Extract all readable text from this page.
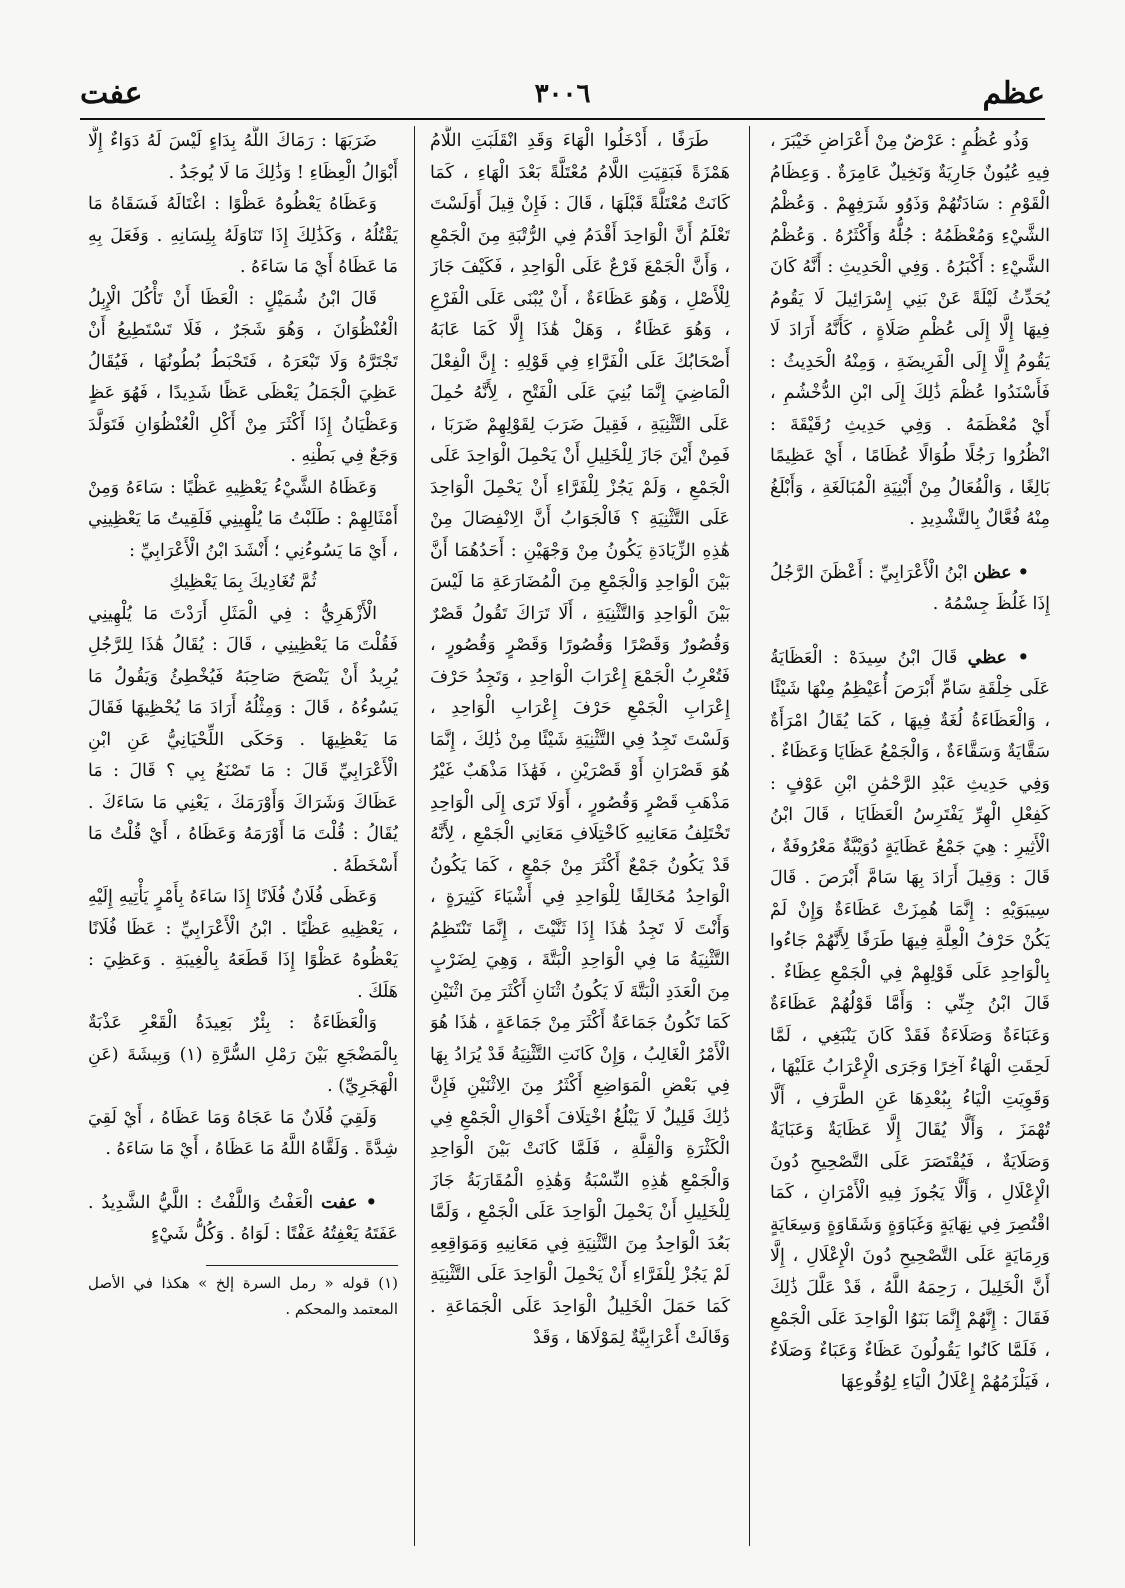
عظم
٣٠٠٦
عفت

وَذُو عُظُمٍ : عَرْضٌ مِنْ أَعْرَاضِ خَيْبَرَ ، فِيهِ عُيُونٌ جَارِيَةٌ وَنَخِيلٌ عَامِرَةٌ . وَعِظَامُ الْقَوْمِ : سَادَتُهُمْ وَذَوُو شَرَفِهِمْ . وَعُظْمُ الشَّيْءِ وَمُعْظَمُهُ : جُلُّهُ وَأَكْثَرُهُ . وَعُظْمُ الشَّيْءِ : أَكْبَرُهُ . وَفِي الْحَدِيثِ : أَنَّهُ كَانَ يُحَدِّثُ لَيْلَةً عَنْ بَنِي إِسْرَائِيلَ لَا يَقُومُ فِيهَا إِلَّا إِلَى عُظْمِ صَلَاةٍ ، كَأَنَّهُ أَرَادَ لَا يَقُومُ إِلَّا إِلَى الْفَرِيضَةِ ، وَمِنْهُ الْحَدِيثُ : فَأَسْنَدُوا عُظْمَ ذَٰلِكَ إِلَى ابْنِ الدُّخْشُمِ ، أَيْ مُعْظَمَهُ . وَفِي حَدِيثِ رُقَيْقَةَ : انْظُرُوا رَجُلًا طُوَالًا عُظَامًا ، أَيْ عَظِيمًا بَالِغًا ، وَالْفُعَالُ مِنْ أَبْنِيَةِ الْمُبَالَغَةِ ، وَأَبْلَغُ مِنْهُ فُعَّالٌ بِالتَّشْدِيدِ .

• عظن ابْنُ الْأَعْرَابِيِّ : أَعْظَنَ الرَّجُلُ إِذَا غَلُظَ جِسْمُهُ .

• عظي قَالَ ابْنُ سِيدَهْ : الْعَظَايَةُ عَلَى خِلْقَةِ سَامِّ أَبْرَصَ أُعَيْظِمُ مِنْهَا شَيْئًا ، وَالْعَظَاءَةُ لُغَةٌ فِيهَا ، كَمَا يُقَالُ امْرَأَةٌ سَقَّايَةٌ وَسَقَّاءَةٌ ، وَالْجَمْعُ عَظَايَا وَعَظَاءٌ . وَفِي حَدِيثِ عَبْدِ الرَّحْمَٰنِ ابْنِ عَوْفٍ : كَفِعْلِ الْهِرِّ يَفْتَرِسُ الْعَظَايَا ، قَالَ ابْنُ الْأَثِيرِ : هِيَ جَمْعُ عَظَايَةٍ دُوَيْبَّةٌ مَعْرُوفَةٌ ، قَالَ : وَقِيلَ أَرَادَ بِهَا سَامَّ أَبْرَصَ . قَالَ سِيبَوَيْهِ : إِنَّمَا هُمِزَتْ عَظَاءَةٌ وَإِنْ لَمْ يَكُنْ حَرْفُ الْعِلَّةِ فِيهَا طَرَفًا لِأَنَّهُمْ جَاءُوا بِالْوَاحِدِ عَلَى قَوْلِهِمْ فِي الْجَمْعِ عِظَاءٌ . قَالَ ابْنُ جِنِّي : وَأَمَّا قَوْلُهُمْ عَظَاءَةٌ وَعَبَاءَةٌ وَصَلَاءَةٌ فَقَدْ كَانَ يَنْبَغِي ، لَمَّا لَحِقَتِ الْهَاءُ آخِرًا وَجَرَى الْإِعْرَابُ عَلَيْهَا ، وَقَوِيَتِ الْيَاءُ بِبُعْدِهَا عَنِ الطَّرَفِ ، أَلَّا تُهْمَزَ ، وَأَلَّا يُقَالَ إِلَّا عَظَايَةٌ وَعَبَايَةٌ وَصَلَايَةٌ ، فَيُقْتَصَرَ عَلَى التَّصْحِيحِ دُونَ الْإِعْلَالِ ، وَأَلَّا يَجُوزَ فِيهِ الْأَمْرَانِ ، كَمَا اقْتُصِرَ فِي نِهَايَةٍ وَغَبَاوَةٍ وَشَقَاوَةٍ وَسِعَايَةٍ وَرِمَايَةٍ عَلَى التَّصْحِيحِ دُونَ الْإِعْلَالِ ، إِلَّا أَنَّ الْخَلِيلَ ، رَحِمَهُ اللَّهُ ، قَدْ عَلَّلَ ذَٰلِكَ فَقَالَ : إِنَّهُمْ إِنَّمَا بَنَوُا الْوَاحِدَ عَلَى الْجَمْعِ ، فَلَمَّا كَانُوا يَقُولُونَ عَظَاءٌ وَعَبَاءٌ وَصَلَاءٌ ، فَيَلْزَمُهُمْ إِعْلَالُ الْيَاءِ لِوُقُوعِهَا

طَرَفًا ، أَدْخَلُوا الْهَاءَ وَقَدِ انْقَلَبَتِ اللَّامُ هَمْزَةً فَبَقِيَتِ اللَّامُ مُعْتَلَّةً بَعْدَ الْهَاءِ ، كَمَا كَانَتْ مُعْتَلَّةً قَبْلَهَا ، قَالَ : فَإِنْ قِيلَ أَوَلَسْتَ تَعْلَمُ أَنَّ الْوَاحِدَ أَقْدَمُ فِي الرُّتْبَةِ مِنَ الْجَمْعِ ، وَأَنَّ الْجَمْعَ فَرْعٌ عَلَى الْوَاحِدِ ، فَكَيْفَ جَازَ لِلْأَصْلِ ، وَهُوَ عَظَاءَةٌ ، أَنْ يُبْنَى عَلَى الْفَرْعِ ، وَهُوَ عَظَاءٌ ، وَهَلْ هَٰذَا إِلَّا كَمَا عَابَهُ أَصْحَابُكَ عَلَى الْفَرَّاءِ فِي قَوْلِهِ : إِنَّ الْفِعْلَ الْمَاضِيَ إِنَّمَا بُنِيَ عَلَى الْفَتْحِ ، لِأَنَّهُ حُمِلَ عَلَى التَّثْنِيَةِ ، فَقِيلَ ضَرَبَ لِقَوْلِهِمْ ضَرَبَا ، فَمِنْ أَيْنَ جَازَ لِلْخَلِيلِ أَنْ يَحْمِلَ الْوَاحِدَ عَلَى الْجَمْعِ ، وَلَمْ يَجُزْ لِلْفَرَّاءِ أَنْ يَحْمِلَ الْوَاحِدَ عَلَى التَّثْنِيَةِ ؟ فَالْجَوَابُ أَنَّ الِانْفِصَالَ مِنْ هَٰذِهِ الزِّيَادَةِ يَكُونُ مِنْ وَجْهَيْنِ : أَحَدُهُمَا أَنَّ بَيْنَ الْوَاحِدِ وَالْجَمْعِ مِنَ الْمُضَارَعَةِ مَا لَيْسَ بَيْنَ الْوَاحِدِ وَالتَّثْنِيَةِ ، أَلَا تَرَاكَ تَقُولُ قَصْرٌ وَقُصُورٌ وَقَصْرًا وَقُصُورًا وَقَصْرٍ وَقُصُورٍ ، فَتُعْرِبُ الْجَمْعَ إِعْرَابَ الْوَاحِدِ ، وَتَجِدُ حَرْفَ إِعْرَابِ الْجَمْعِ حَرْفَ إِعْرَابِ الْوَاحِدِ ، وَلَسْتَ تَجِدُ فِي التَّثْنِيَةِ شَيْئًا مِنْ ذَٰلِكَ ، إِنَّمَا هُوَ قَصْرَانِ أَوْ قَصْرَيْنِ ، فَهَٰذَا مَذْهَبٌ غَيْرُ مَذْهَبِ قَصْرٍ وَقُصُورٍ ، أَوَلَا تَرَى إِلَى الْوَاحِدِ تَخْتَلِفُ مَعَانِيهِ كَاخْتِلَافِ مَعَانِي الْجَمْعِ ، لِأَنَّهُ قَدْ يَكُونُ جَمْعٌ أَكْثَرَ مِنْ جَمْعٍ ، كَمَا يَكُونُ الْوَاحِدُ مُخَالِفًا لِلْوَاحِدِ فِي أَشْيَاءَ كَثِيرَةٍ ، وَأَنْتَ لَا تَجِدُ هَٰذَا إِذَا ثَنَّيْتَ ، إِنَّمَا تَنْتَظِمُ التَّثْنِيَةُ مَا فِي الْوَاحِدِ الْبَتَّةَ ، وَهِيَ لِضَرْبٍ مِنَ الْعَدَدِ الْبَتَّةَ لَا يَكُونُ اثْنَانِ أَكْثَرَ مِنَ اثْنَيْنِ كَمَا تَكُونُ جَمَاعَةٌ أَكْثَرَ مِنْ جَمَاعَةٍ ، هَٰذَا هُوَ الْأَمْرُ الْغَالِبُ ، وَإِنْ كَانَتِ التَّثْنِيَةُ قَدْ يُرَادُ بِهَا فِي بَعْضِ الْمَوَاضِعِ أَكْثَرُ مِنَ الِاثْنَيْنِ فَإِنَّ ذَٰلِكَ قَلِيلٌ لَا يَبْلُغُ اخْتِلَافَ أَحْوَالِ الْجَمْعِ فِي الْكَثْرَةِ وَالْقِلَّةِ ، فَلَمَّا كَانَتْ بَيْنَ الْوَاحِدِ وَالْجَمْعِ هَٰذِهِ النِّسْبَةُ وَهَٰذِهِ الْمُقَارَبَةُ جَازَ لِلْخَلِيلِ أَنْ يَحْمِلَ الْوَاحِدَ عَلَى الْجَمْعِ ، وَلَمَّا بَعُدَ الْوَاحِدُ مِنَ التَّثْنِيَةِ فِي مَعَانِيهِ وَمَوَاقِعِهِ لَمْ يَجُزْ لِلْفَرَّاءِ أَنْ يَحْمِلَ الْوَاحِدَ عَلَى التَّثْنِيَةِ كَمَا حَمَلَ الْخَلِيلُ الْوَاحِدَ عَلَى الْجَمَاعَةِ . وَقَالَتْ أَعْرَابِيَّةٌ لِمَوْلَاهَا ، وَقَدْ

ضَرَبَهَا : رَمَاكَ اللَّهُ بِدَاءٍ لَيْسَ لَهُ دَوَاءٌ إِلَّا أَبْوَالُ الْعِظَاءِ ! وَذَٰلِكَ مَا لَا يُوجَدُ .

وَعَظَاهُ يَعْظُوهُ عَظْوًا : اغْتَالَهُ فَسَقَاهُ مَا يَقْتُلُهُ ، وَكَذَٰلِكَ إِذَا تَنَاوَلَهُ بِلِسَانِهِ . وَفَعَلَ بِهِ مَا عَظَاهُ أَيْ مَا سَاءَهُ .

قَالَ ابْنُ شُمَيْلٍ : الْعَظَا أَنْ تَأْكُلَ الْإِبِلُ الْعُنْظُوَانَ ، وَهُوَ شَجَرٌ ، فَلَا تَسْتَطِيعُ أَنْ تَجْتَرَّهُ وَلَا تَبْعَرَهُ ، فَتَحْبَطُ بُطُونُهَا ، فَيُقَالُ عَظِيَ الْجَمَلُ يَعْظَى عَظًا شَدِيدًا ، فَهُوَ عَظٍ وَعَظْيَانُ إِذَا أَكْثَرَ مِنْ أَكْلِ الْعُنْظُوَانِ فَتَوَلَّدَ وَجَعٌ فِي بَطْنِهِ .

وَعَظَاهُ الشَّيْءُ يَعْظِيهِ عَظْيًا : سَاءَهُ وَمِنْ أَمْثَالِهِمْ : طَلَبْتُ مَا يُلْهِينِي فَلَقِيتُ مَا يَعْظِينِي ، أَيْ مَا يَسُوءُنِي ؛ أَنْشَدَ ابْنُ الْأَعْرَابِيِّ :

ثُمَّ تُغَادِيكَ بِمَا يَعْظِيكِ

الْأَزْهَرِيُّ : فِي الْمَثَلِ أَرَدْتَ مَا يُلْهِينِي فَقُلْتَ مَا يَعْظِينِي ، قَالَ : يُقَالُ هَٰذَا لِلرَّجُلِ يُرِيدُ أَنْ يَنْصَحَ صَاحِبَهُ فَيُخْطِئُ وَيَقُولُ مَا يَسُوءُهُ ، قَالَ : وَمِثْلُهُ أَرَادَ مَا يُحْظِيهَا فَقَالَ مَا يَعْظِيهَا . وَحَكَى اللِّحْيَانِيُّ عَنِ ابْنِ الْأَعْرَابِيِّ قَالَ : مَا تَصْنَعُ بِي ؟ قَالَ : مَا عَظَاكَ وَشَرَاكَ وَأَوْرَمَكَ ، يَعْنِي مَا سَاءَكَ . يُقَالُ : قُلْتَ مَا أَوْرَمَهُ وَعَظَاهُ ، أَيْ قُلْتُ مَا أَسْخَطَهُ .

وَعَظَى فُلَانٌ فُلَانًا إِذَا سَاءَهُ بِأَمْرٍ يَأْتِيهِ إِلَيْهِ ، يَعْظِيهِ عَظْيًا . ابْنُ الْأَعْرَابِيِّ : عَظَا فُلَانًا يَعْظُوهُ عَظْوًا إِذَا قَطَعَهُ بِالْغِيبَةِ . وَعَظِيَ : هَلَكَ .

وَالْعَظَاءَةُ : بِئْرٌ بَعِيدَةُ الْقَعْرِ عَذْبَةٌ بِالْمَضْجَعِ بَيْنَ رَمْلِ السُّرَّةِ (١) وَبِيشَةَ (عَنِ الْهَجَرِيِّ) .

وَلَقِيَ فُلَانٌ مَا عَجَاهُ وَمَا عَظَاهُ ، أَيْ لَقِيَ شِدَّةً . وَلَقَّاهُ اللَّهُ مَا عَظَاهُ ، أَيْ مَا سَاءَهُ .

• عفت الْعَفْتُ وَاللَّفْتُ : اللَّيُّ الشَّدِيدُ . عَفَتَهُ يَعْفِتُهُ عَفْتًا : لَوَاهُ . وَكُلُّ شَيْءٍ

(١) قوله « رمل السرة إلخ » هكذا في الأصل المعتمد والمحكم .
